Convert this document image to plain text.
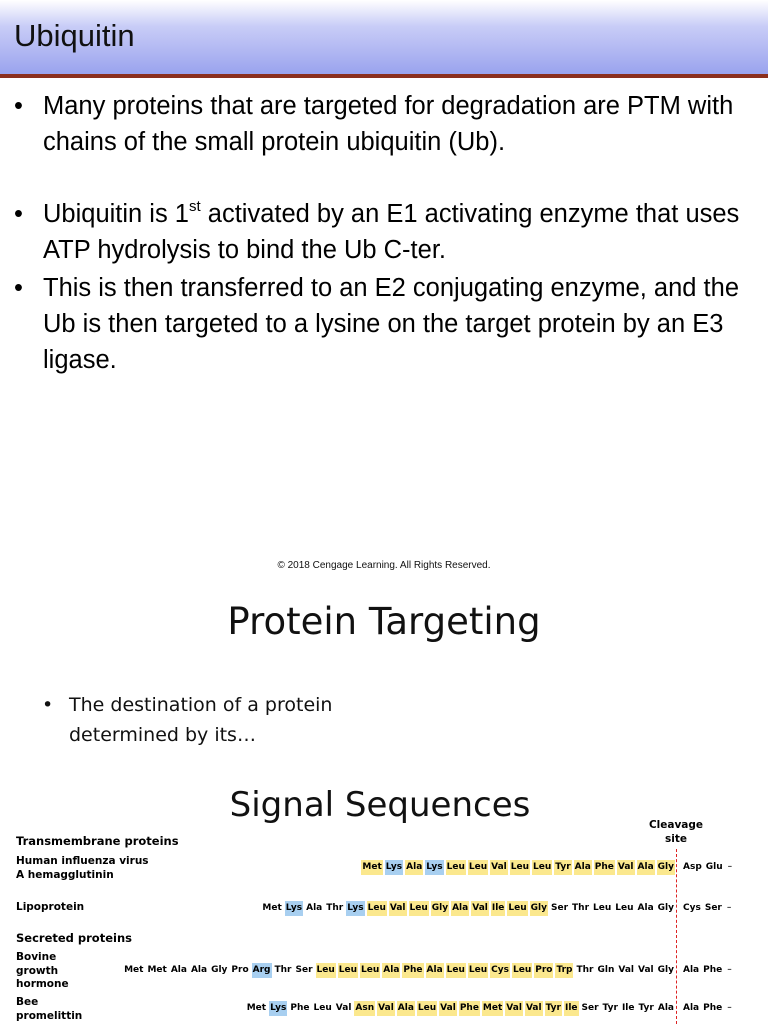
Ubiquitin
• Many proteins that are targeted for degradation are PTM with chains of the small protein ubiquitin (Ub).
• Ubiquitin is 1st activated by an E1 activating enzyme that uses ATP hydrolysis to bind the Ub C-ter.
• This is then transferred to an E2 conjugating enzyme, and the Ub is then targeted to a lysine on the target protein by an E3 ligase.
© 2018 Cengage Learning. All Rights Reserved.
Protein Targeting
• The destination of a protein determined by its…
Signal Sequences	Cleavage site
Transmembrane proteins
Human influenza virus A hemagglutinin
Met Lys Ala Lys Leu Leu Val Leu Leu Tyr Ala Phe Val Ala Gly Asp Glu –
Lipoprotein	Met Lys Ala Thr Lys Leu Val Leu Gly Ala Val Ile Leu Gly Ser Thr Leu Leu Ala Gly Cys Ser –
Secreted proteins
Bovine growth hormone
Met Met Ala Ala Gly Pro Arg Thr Ser Leu Leu Leu Ala Phe Ala Leu Leu Cys Leu Pro Trp Thr Gln Val Val Gly Ala Phe –
Bee promelittin
Met Lys Phe Leu Val Asn Val Ala Leu Val Phe Met Val Val Tyr Ile Ser Tyr Ile Tyr Ala Ala Phe –
